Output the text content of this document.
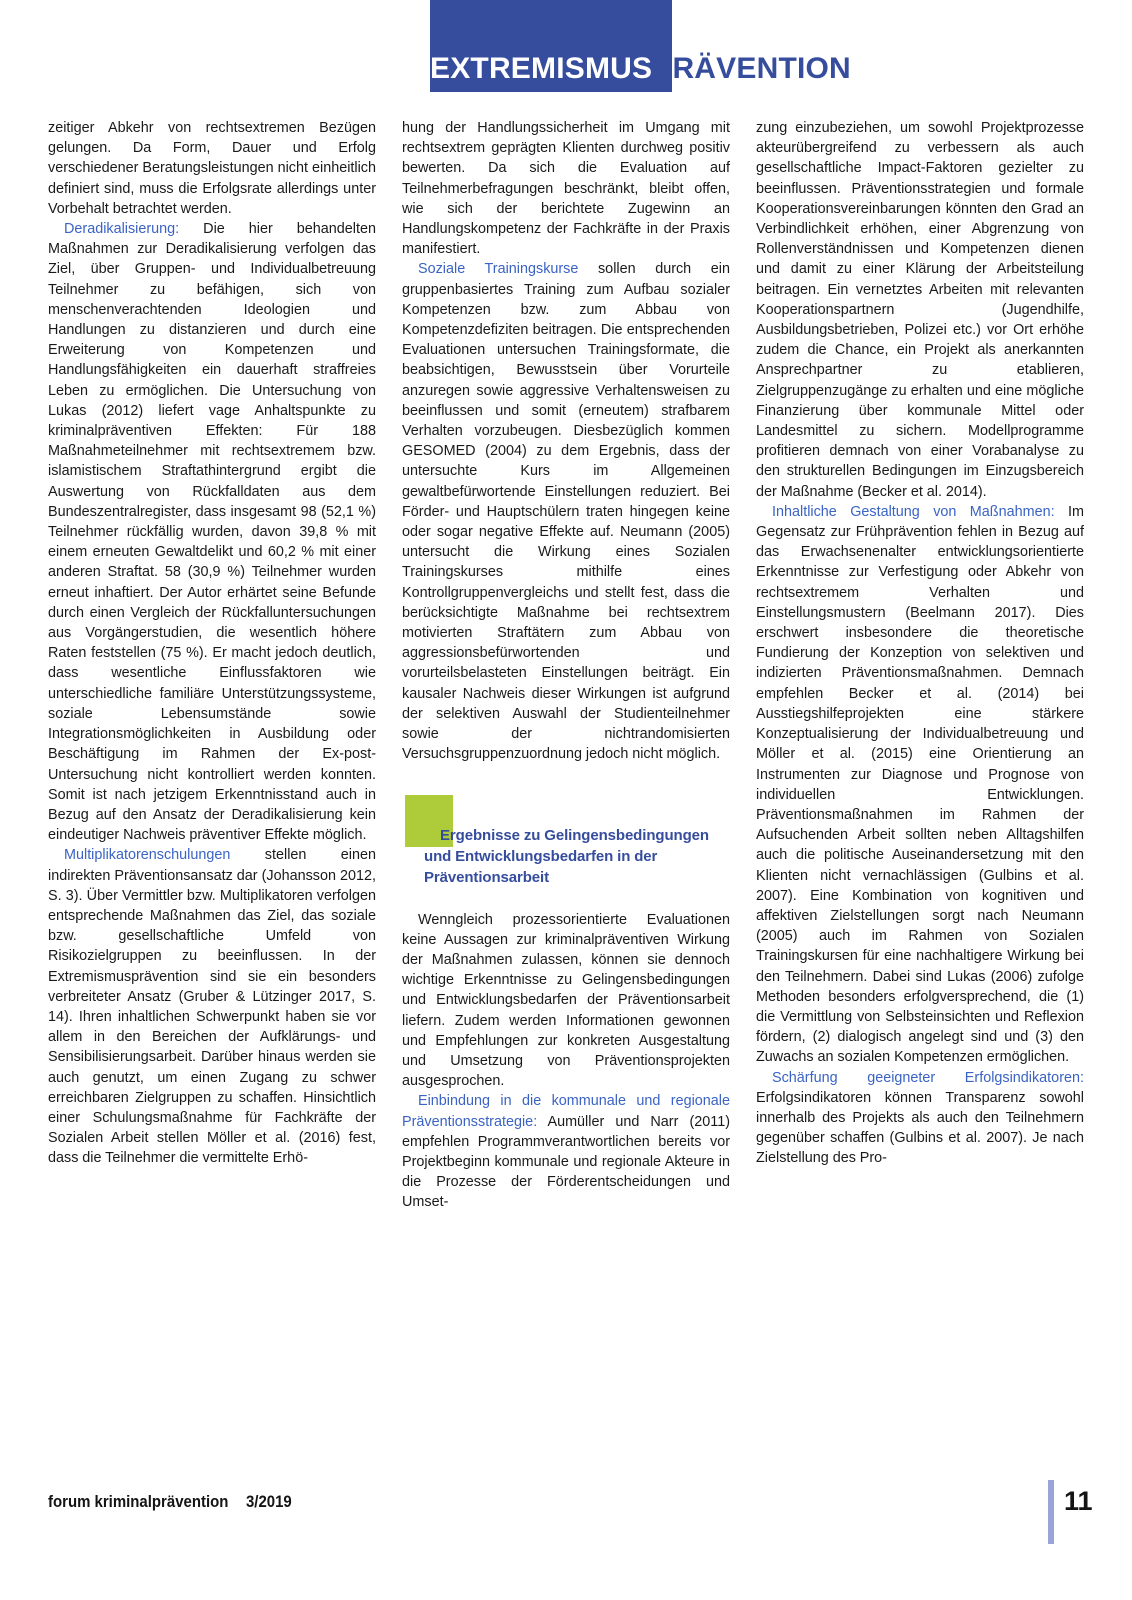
EXTREMISMUSPRÄVENTION

zeitiger Abkehr von rechtsextremen Bezügen gelungen. Da Form, Dauer und Erfolg verschiedener Beratungsleistungen nicht einheitlich definiert sind, muss die Erfolgsrate allerdings unter Vorbehalt betrachtet werden.

Deradikalisierung: Die hier behandelten Maßnahmen zur Deradikalisierung verfolgen das Ziel, über Gruppen- und Individualbetreuung Teilnehmer zu befähigen, sich von menschenverachtenden Ideologien und Handlungen zu distanzieren und durch eine Erweiterung von Kompetenzen und Handlungsfähigkeiten ein dauerhaft straffreies Leben zu ermöglichen. Die Untersuchung von Lukas (2012) liefert vage Anhaltspunkte zu kriminalpräventiven Effekten: Für 188 Maßnahmeteilnehmer mit rechtsextremem bzw. islamistischem Straftathintergrund ergibt die Auswertung von Rückfalldaten aus dem Bundeszentralregister, dass insgesamt 98 (52,1 %) Teilnehmer rückfällig wurden, davon 39,8 % mit einem erneuten Gewaltdelikt und 60,2 % mit einer anderen Straftat. 58 (30,9 %) Teilnehmer wurden erneut inhaftiert. Der Autor erhärtet seine Befunde durch einen Vergleich der Rückfalluntersuchungen aus Vorgängerstudien, die wesentlich höhere Raten feststellen (75 %). Er macht jedoch deutlich, dass wesentliche Einflussfaktoren wie unterschiedliche familiäre Unterstützungssysteme, soziale Lebensumstände sowie Integrationsmöglichkeiten in Ausbildung oder Beschäftigung im Rahmen der Ex-post-Untersuchung nicht kontrolliert werden konnten. Somit ist nach jetzigem Erkenntnisstand auch in Bezug auf den Ansatz der Deradikalisierung kein eindeutiger Nachweis präventiver Effekte möglich.

Multiplikatorenschulungen stellen einen indirekten Präventionsansatz dar (Johansson 2012, S. 3). Über Vermittler bzw. Multiplikatoren verfolgen entsprechende Maßnahmen das Ziel, das soziale bzw. gesellschaftliche Umfeld von Risikozielgruppen zu beeinflussen. In der Extremismusprävention sind sie ein besonders verbreiteter Ansatz (Gruber & Lützinger 2017, S. 14). Ihren inhaltlichen Schwerpunkt haben sie vor allem in den Bereichen der Aufklärungs- und Sensibilisierungsarbeit. Darüber hinaus werden sie auch genutzt, um einen Zugang zu schwer erreichbaren Zielgruppen zu schaffen. Hinsichtlich einer Schulungsmaßnahme für Fachkräfte der Sozialen Arbeit stellen Möller et al. (2016) fest, dass die Teilnehmer die vermittelte Erhö-

hung der Handlungssicherheit im Umgang mit rechtsextrem geprägten Klienten durchweg positiv bewerten. Da sich die Evaluation auf Teilnehmerbefragungen beschränkt, bleibt offen, wie sich der berichtete Zugewinn an Handlungskompetenz der Fachkräfte in der Praxis manifestiert.

Soziale Trainingskurse sollen durch ein gruppenbasiertes Training zum Aufbau sozialer Kompetenzen bzw. zum Abbau von Kompetenzdefiziten beitragen. Die entsprechenden Evaluationen untersuchen Trainingsformate, die beabsichtigen, Bewusstsein über Vorurteile anzuregen sowie aggressive Verhaltensweisen zu beeinflussen und somit (erneutem) strafbarem Verhalten vorzubeugen. Diesbezüglich kommen GESOMED (2004) zu dem Ergebnis, dass der untersuchte Kurs im Allgemeinen gewaltbefürwortende Einstellungen reduziert. Bei Förder- und Hauptschülern traten hingegen keine oder sogar negative Effekte auf. Neumann (2005) untersucht die Wirkung eines Sozialen Trainingskurses mithilfe eines Kontrollgruppenvergleichs und stellt fest, dass die berücksichtigte Maßnahme bei rechtsextrem motivierten Straftätern zum Abbau von aggressionsbefürwortenden und vorurteilsbelasteten Einstellungen beiträgt. Ein kausaler Nachweis dieser Wirkungen ist aufgrund der selektiven Auswahl der Studienteilnehmer sowie der nichtrandomisierten Versuchsgruppenzuordnung jedoch nicht möglich.

Ergebnisse zu Gelingensbedingungen und Entwicklungsbedarfen in der Präventionsarbeit

Wenngleich prozessorientierte Evaluationen keine Aussagen zur kriminalpräventiven Wirkung der Maßnahmen zulassen, können sie dennoch wichtige Erkenntnisse zu Gelingensbedingungen und Entwicklungsbedarfen der Präventionsarbeit liefern. Zudem werden Informationen gewonnen und Empfehlungen zur konkreten Ausgestaltung und Umsetzung von Präventionsprojekten ausgesprochen.

Einbindung in die kommunale und regionale Präventionsstrategie: Aumüller und Narr (2011) empfehlen Programmverantwortlichen bereits vor Projektbeginn kommunale und regionale Akteure in die Prozesse der Förderentscheidungen und Umset-

zung einzubeziehen, um sowohl Projektprozesse akteurübergreifend zu verbessern als auch gesellschaftliche Impact-Faktoren gezielter zu beeinflussen. Präventionsstrategien und formale Kooperationsvereinbarungen könnten den Grad an Verbindlichkeit erhöhen, einer Abgrenzung von Rollenverständnissen und Kompetenzen dienen und damit zu einer Klärung der Arbeitsteilung beitragen. Ein vernetztes Arbeiten mit relevanten Kooperationspartnern (Jugendhilfe, Ausbildungsbetrieben, Polizei etc.) vor Ort erhöhe zudem die Chance, ein Projekt als anerkannten Ansprechpartner zu etablieren, Zielgruppenzugänge zu erhalten und eine mögliche Finanzierung über kommunale Mittel oder Landesmittel zu sichern. Modellprogramme profitieren demnach von einer Vorabanalyse zu den strukturellen Bedingungen im Einzugsbereich der Maßnahme (Becker et al. 2014).

Inhaltliche Gestaltung von Maßnahmen: Im Gegensatz zur Frühprävention fehlen in Bezug auf das Erwachsenenalter entwicklungsorientierte Erkenntnisse zur Verfestigung oder Abkehr von rechtsextremem Verhalten und Einstellungsmustern (Beelmann 2017). Dies erschwert insbesondere die theoretische Fundierung der Konzeption von selektiven und indizierten Präventionsmaßnahmen. Demnach empfehlen Becker et al. (2014) bei Ausstiegshilfeprojekten eine stärkere Konzeptualisierung der Individualbetreuung und Möller et al. (2015) eine Orientierung an Instrumenten zur Diagnose und Prognose von individuellen Entwicklungen. Präventionsmaßnahmen im Rahmen der Aufsuchenden Arbeit sollten neben Alltagshilfen auch die politische Auseinandersetzung mit den Klienten nicht vernachlässigen (Gulbins et al. 2007). Eine Kombination von kognitiven und affektiven Zielstellungen sorgt nach Neumann (2005) auch im Rahmen von Sozialen Trainingskursen für eine nachhaltigere Wirkung bei den Teilnehmern. Dabei sind Lukas (2006) zufolge Methoden besonders erfolgversprechend, die (1) die Vermittlung von Selbsteinsichten und Reflexion fördern, (2) dialogisch angelegt sind und (3) den Zuwachs an sozialen Kompetenzen ermöglichen.

Schärfung geeigneter Erfolgsindikatoren: Erfolgsindikatoren können Transparenz sowohl innerhalb des Projekts als auch den Teilnehmern gegenüber schaffen (Gulbins et al. 2007). Je nach Zielstellung des Pro-

forum kriminalprävention 3/2019	11
